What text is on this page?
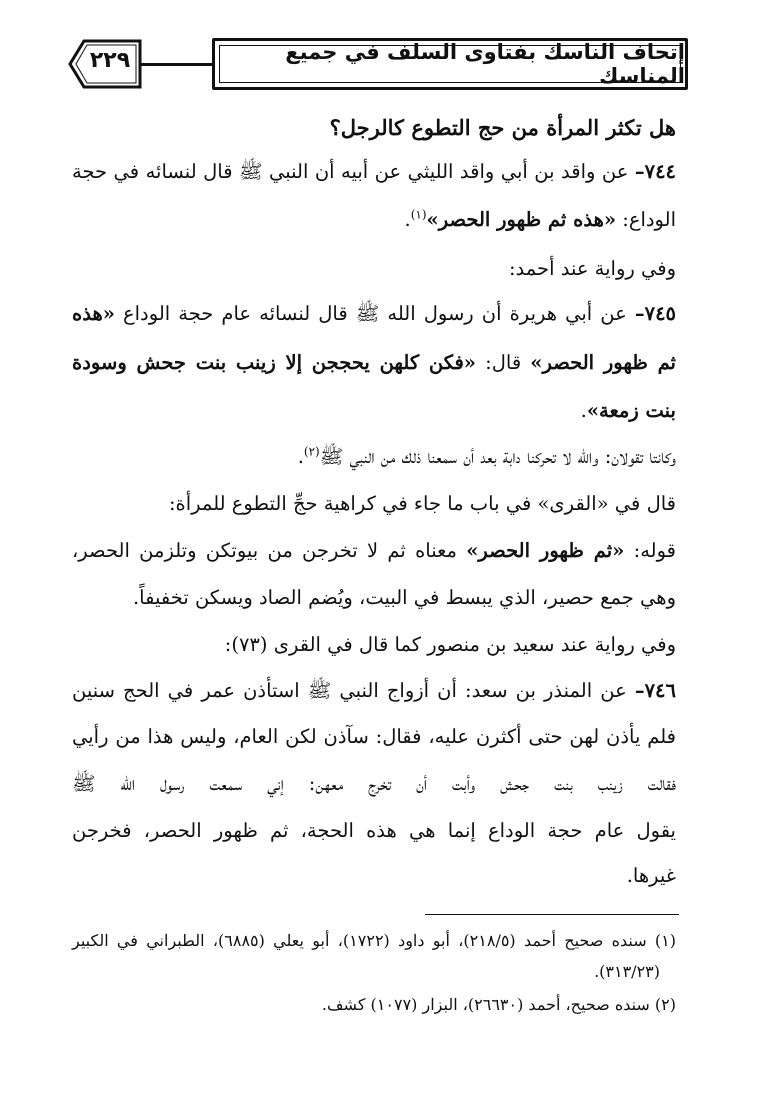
إتحاف الناسك بفتاوى السلف في جميع المناسك
٢٢٩
هل تكثر المرأة من حج التطوع كالرجل؟
٧٤٤– عن واقد بن أبي واقد الليثي عن أبيه أن النبي ﷺ قال لنسائه في حجة
الوداع: «هذه ثم ظهور الحصر»$^{(١)}$.
وفي رواية عند أحمد:
٧٤٥– عن أبي هريرة أن رسول الله ﷺ قال لنسائه عام حجة الوداع «هذه
ثم ظهور الحصر» قال: «فكن كلهن يحججن إلا زينب بنت جحش وسودة
بنت زمعة».
وكانتا تقولان: والله لا تحركنا دابة بعد أن سمعنا ذلك من النبي ﷺ$^{(٢)}$.
قال في «القرى» في باب ما جاء في كراهية حجِّ التطوع للمرأة:
قوله: «ثم ظهور الحصر» معناه ثم لا تخرجن من بيوتكن وتلزمن الحصر،
وهي جمع حصير، الذي يبسط في البيت، ويُضم الصاد ويسكن تخفيفاً.
وفي رواية عند سعيد بن منصور كما قال في القرى (٧٣):
٧٤٦– عن المنذر بن سعد: أن أزواج النبي ﷺ استأذن عمر في الحج سنين
فلم يأذن لهن حتى أكثرن عليه، فقال: سآذن لكن العام، وليس هذا من رأيي
فقالت زينب بنت جحش وأبت أن تخرج معهن: إني سمعت رسول الله ﷺ
يقول عام حجة الوداع إنما هي هذه الحجة، ثم ظهور الحصر، فخرجن
غيرها.
(١) سنده صحيح أحمد (٢١٨/٥)، أبو داود (١٧٢٢)، أبو يعلي (٦٨٨٥)، الطبراني في الكبير
(٣١٣/٢٣).
(٢) سنده صحيح، أحمد (٢٦٦٣٠)، البزار (١٠٧٧) كشف.
